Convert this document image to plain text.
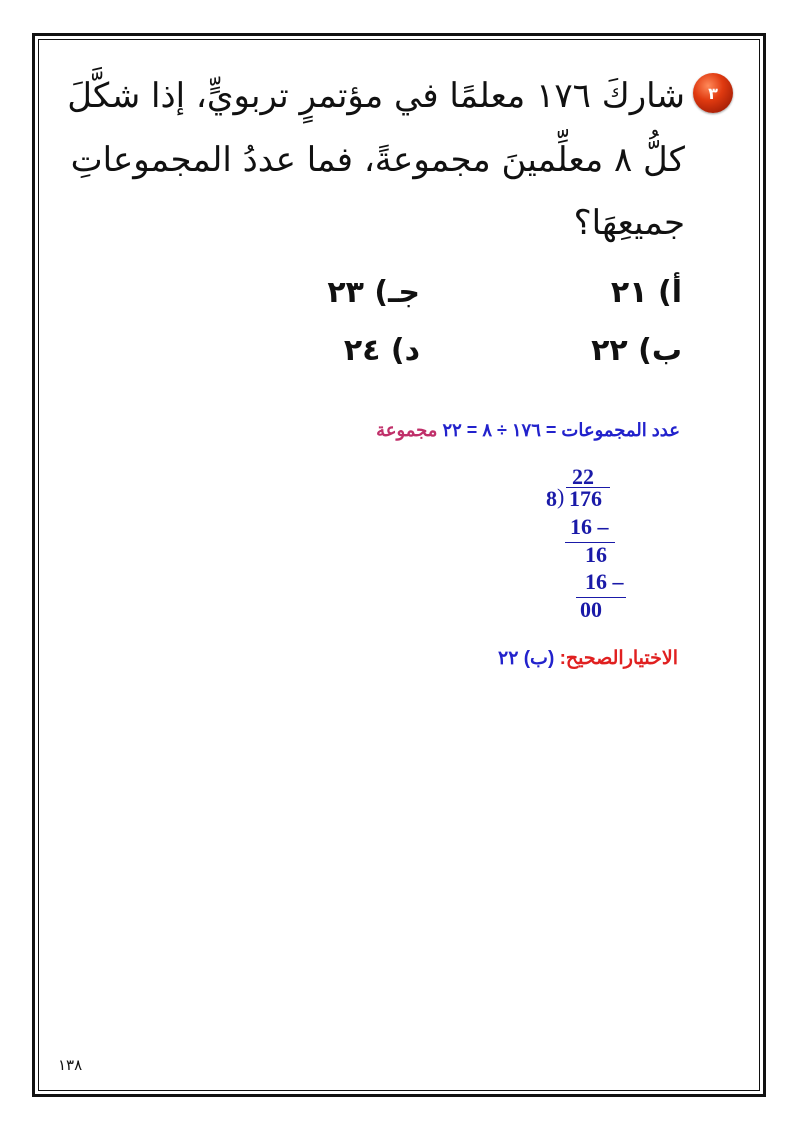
٣
شاركَ ١٧٦ معلمًا في مؤتمرٍ تربويٍّ، إذا شكَّلَ
كلُّ ٨ معلِّمينَ مجموعةً، فما عددُ المجموعاتِ
جميعِهَا؟
أ) ٢١
ب) ٢٢
جـ) ٢٣
د) ٢٤
عدد المجموعات = ١٧٦ ÷ ٨ = ٢٢ مجموعة
22
8 ) 176
16 –
16
16 –
00
الاختيارالصحيح: (ب) ٢٢
١٣٨
